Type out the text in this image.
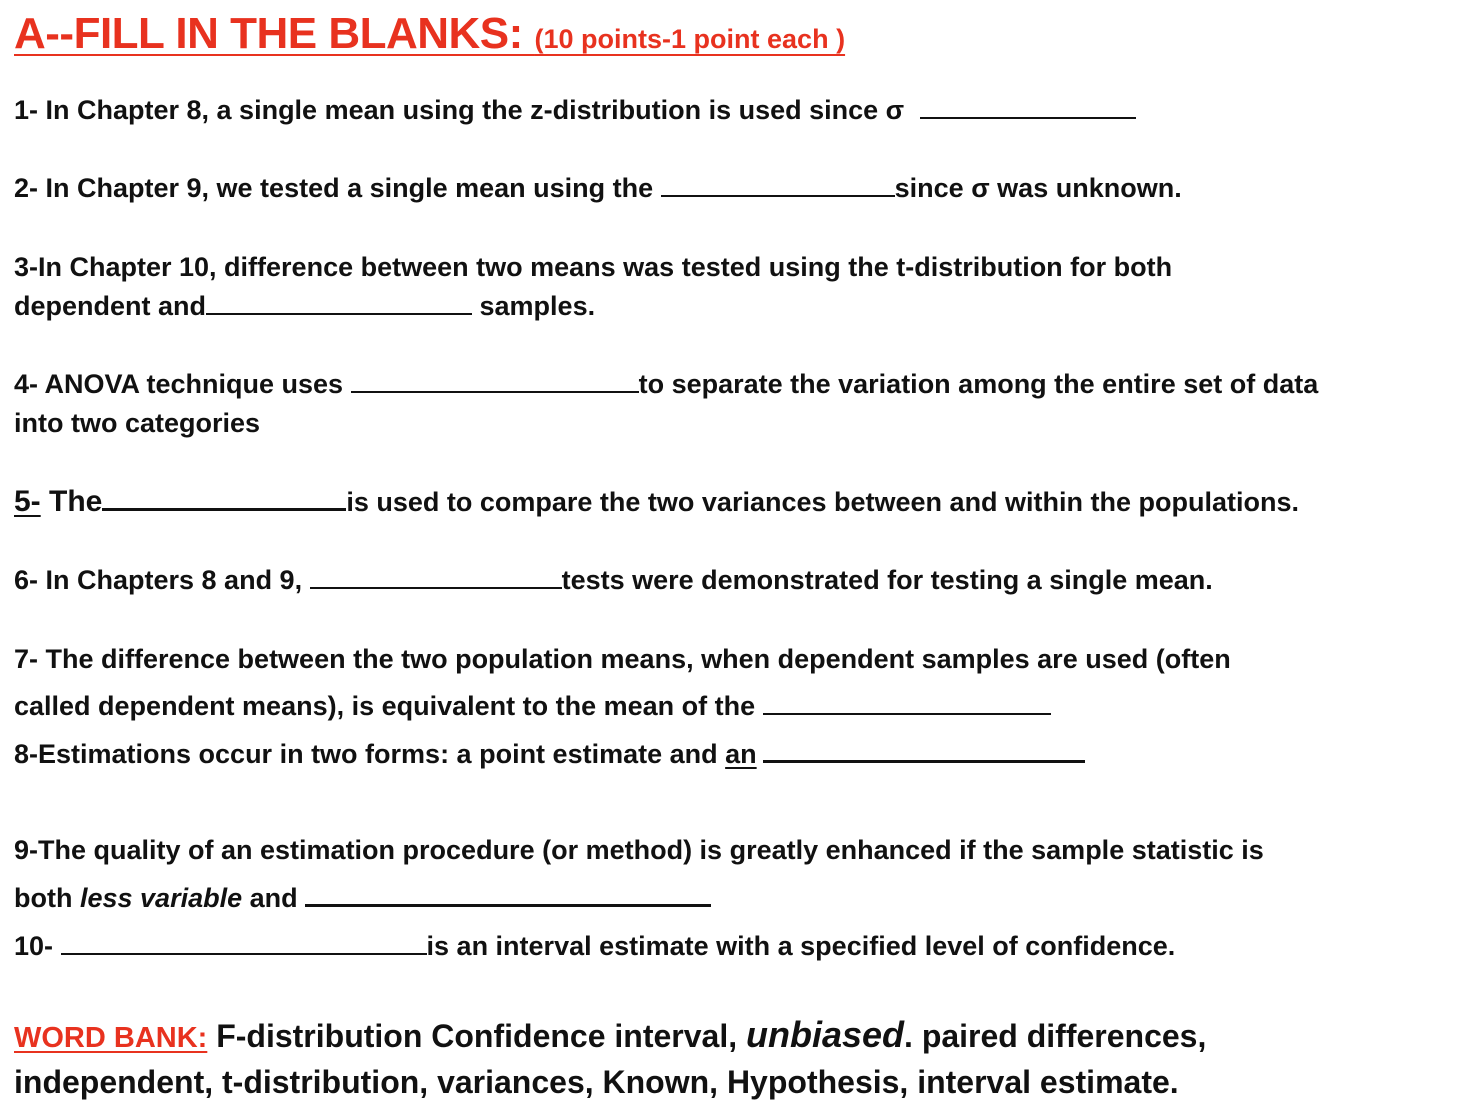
A--FILL IN THE BLANKS: (10 points-1 point each )
1- In Chapter 8, a single mean using the z-distribution is used since σ
2- In Chapter 9, we tested a single mean using the	since σ was unknown.
3-In Chapter 10, difference between two means was tested using the t-distribution for both
dependent and	samples.
4- ANOVA technique uses	to separate the variation among the entire set of data
into two categories
5- The	is used to compare the two variances between and within the populations.
6- In Chapters 8 and 9,	tests were demonstrated for testing a single mean.
7- The difference between the two population means, when dependent samples are used (often
called dependent means), is equivalent to the mean of the
8-Estimations occur in two forms: a point estimate and an
9-The quality of an estimation procedure (or method) is greatly enhanced if the sample statistic is
both less variable and
10-	is an interval estimate with a specified level of confidence.
WORD BANK: F-distribution Confidence interval, unbiased. paired differences,
independent, t-distribution, variances, Known, Hypothesis, interval estimate.
